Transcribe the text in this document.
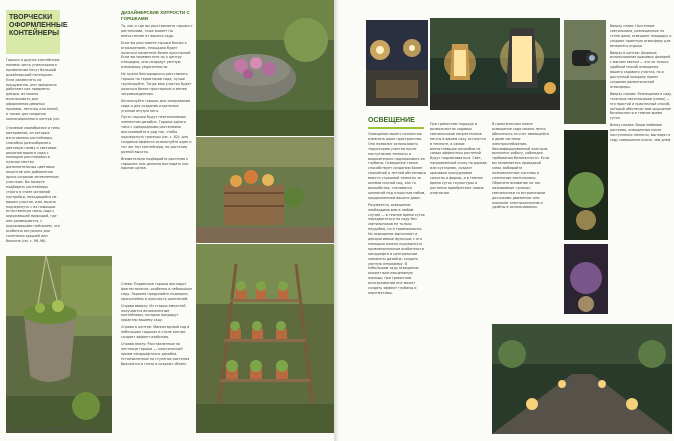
ТВОРЧЕСКИ ОФОРМЛЕННЫЕ КОНТЕЙНЕРЫ

Горшки и другие контейнеры помимо чисто утилитарного применения несут большой дизайнерский потенциал. Если разместить их продуманно, они прекрасно работают как предметы декора: их можно использовать для оформления дверных проемов, лестниц или аллей, а также для создания композиционного центра (см.

Стилевое своеобразие и типы материалов, из которых изготовлены контейнеры, способны разнообразить цветовую гамму и световые решения вашего сада с помощью расстановки в нужных местах дополнительных цветовых акцентов или добавления ярких штрихов затемненным участкам. Вы можете подбирать контейнеры строго в стиле основной постройки, находящейся на вашем участке, или, можно подчеркнуть с их помощью естественную связь сада с окружающей природой, где они размещаются, с окружающими пейзажем, что особенно актуально для сочетания крышей или балкона (см. с. 96–98).

ДИЗАЙНЕРСКИЕ ХИТРОСТИ С ГОРШКАМИ

То, как и где вы расставляете горшки с растениями, тоже влияет на впечатление от вашего сада.

Если вы расставите горшки ближе к ограждениям, площадка будет казаться посветлее более просторной. Если вы переместите их к центру площадки, они создадут уютную атмосферу уединенности.

Не нужно беспорядочно расставлять горшки по территории сада, лучше группируйте. Тогда ваш участок будет казаться более просторным и менее загроможденным.

Используйте горшки для зонирования сада и для создания отдельных уголков внутри него.

Пусть горшки будут неотъемлемым элементом дизайна. Горшки одного типа с однородными растениями выстраивайте в ряд так, чтобы подчеркнуть границы (см. с. 82); для создания эффекта используйте один и тот же тип контейнера, но растения разной высоты.

Внимательно подбирайте растения к горшкам: они должны выглядеть как единое целое.

Слева: Подвесные горшки выглядят фантастически, особенно в небольшом саду. Заранее продумайте подпорки, кронштейны и прочность креплений.

Справа вверху: Из старых емкостей получаются великолепные контейнеры, которые придадут характер вашему саду.

Справа в центре: Миниатюрный сад в небольших горшках в стиле кантри создает эффект изобилия.

Справа внизу: Расставленные на лестнице горшки — классический прием ландшафтного дизайна. Установленные на ступенях растения бросаются в глаза и создают объем.

46 ВЫЙТИ ЗА РАМКИ СТАНДАРТОВ

Вверху слева: Настенные светильники, размещенные на стене дома, освещают площадку и создают приятную атмосферу для вечернего отдыха.

Вверху в центре: Широкое использование красивых фонарей с мягким светом — это не только удобный способ освещения вашего садового участка, но и доступный каждому прием создания романтической атмосферы.

Вверху справа: Размещение в саду точечных светильников (слева) — это простой и практичный способ, который обеспечит вам ощущение безопасности в темное время суток.

Внизу справа: Ваши любимые растения, освещенные после наступления темноты, выглядят в саду совершенно иначе, чем днем.

ОСВЕЩЕНИЕ

Освещение может полностью изменить ваше пространство. Оно позволит использовать территорию участка после наступления темноты и выразительно подчеркивать ее глубины. Освещение также способствует созданию более спокойной и летней обстановки вместо страшной темноты за окнами ночной сад, как то волшебства, становится комнатой под открытым небом, продолжением вашего дома.

Разумеется, освещение необходимо вам в любом случае — в темное время суток передвигаться по саду без светильников не только неудобно, но и травмоопасно. Но освещение выполняет и декоративные функции: с его помощью можно подчеркнуть привлекательные особенности ландшафта и центральные элементы дизайна, создать уютную атмосферу. В небольшом саду освещение окажет вам неоценимую помощь: при грамотном использовании оно может создать эффект глубины и перспективы.

При грамотном подходе и возможностях садовых светильников непрестанные мечты в вашем саду останутся в темноте, а самые впечатляющие ансамбли из самых эффектных растений будут подсвечиваться. Свет, направленный снизу на дерево или кустарник, создаст красивые причудливые силуэты и формы, а в темное время суток скульптуры и растения приобретают новые очертания.

В практическом плане освещение сада можно легко обеспечить за счет имеющейся в доме системы электроснабжения. Квалифицированный электрик выполнит работу, соблюдая требования безопасности. Если вы занимаетесь проводкой сами, выбирайте низковольтные системы и солнечные светильники. Обратите внимание на так называемые «умные» светильники со встроенными датчиками движения: они экономят электроэнергию и удобны в использовании.
